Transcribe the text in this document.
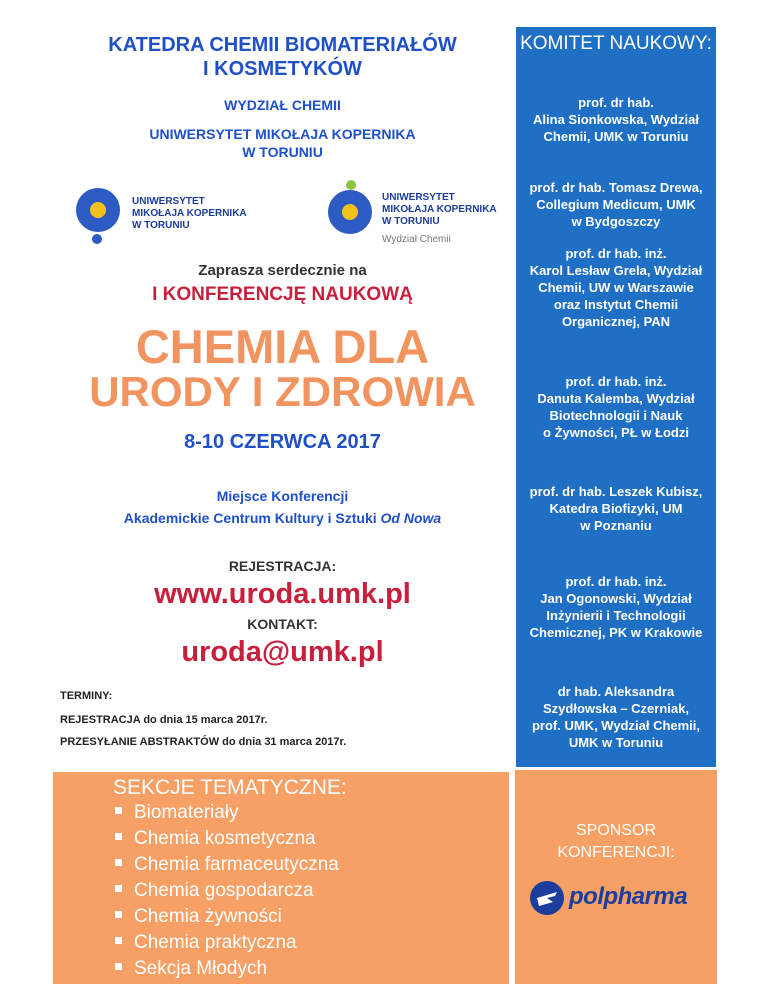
KATEDRA CHEMII BIOMATERIAŁÓW
I KOSMETYKÓW
WYDZIAŁ CHEMII
UNIWERSYTET MIKOŁAJA KOPERNIKA
W TORUNIU
UNIWERSYTET
MIKOŁAJA KOPERNIKA
W TORUNIU
UNIWERSYTET
MIKOŁAJA KOPERNIKA
W TORUNIU
Wydział Chemii
Zaprasza serdecznie na
I KONFERENCJĘ NAUKOWĄ
CHEMIA DLA
URODY I ZDROWIA
8-10 CZERWCA 2017
Miejsce Konferencji
Akademickie Centrum Kultury i Sztuki Od Nowa
REJESTRACJA:
www.uroda.umk.pl
KONTAKT:
uroda@umk.pl
TERMINY:
REJESTRACJA do dnia 15 marca 2017r.
PRZESYŁANIE ABSTRAKTÓW do dnia 31 marca 2017r.
KOMITET NAUKOWY:
prof. dr hab.
Alina Sionkowska, Wydział
Chemii, UMK w Toruniu
prof. dr hab. Tomasz Drewa,
Collegium Medicum, UMK
w Bydgoszczy
prof. dr hab. inż.
Karol Lesław Grela, Wydział
Chemii, UW w Warszawie
oraz Instytut Chemii
Organicznej, PAN
prof. dr hab. inż.
Danuta Kalemba, Wydział
Biotechnologii i Nauk
o Żywności, PŁ w Łodzi
prof. dr hab. Leszek Kubisz,
Katedra Biofizyki, UM
w Poznaniu
prof. dr hab. inż.
Jan Ogonowski, Wydział
Inżynierii i Technologii
Chemicznej, PK w Krakowie
dr hab. Aleksandra
Szydłowska – Czerniak,
prof. UMK, Wydział Chemii,
UMK w Toruniu
SEKCJE TEMATYCZNE:
Biomateriały
Chemia kosmetyczna
Chemia farmaceutyczna
Chemia gospodarcza
Chemia żywności
Chemia praktyczna
Sekcja Młodych
SPONSOR
KONFERENCJI:
polpharma
